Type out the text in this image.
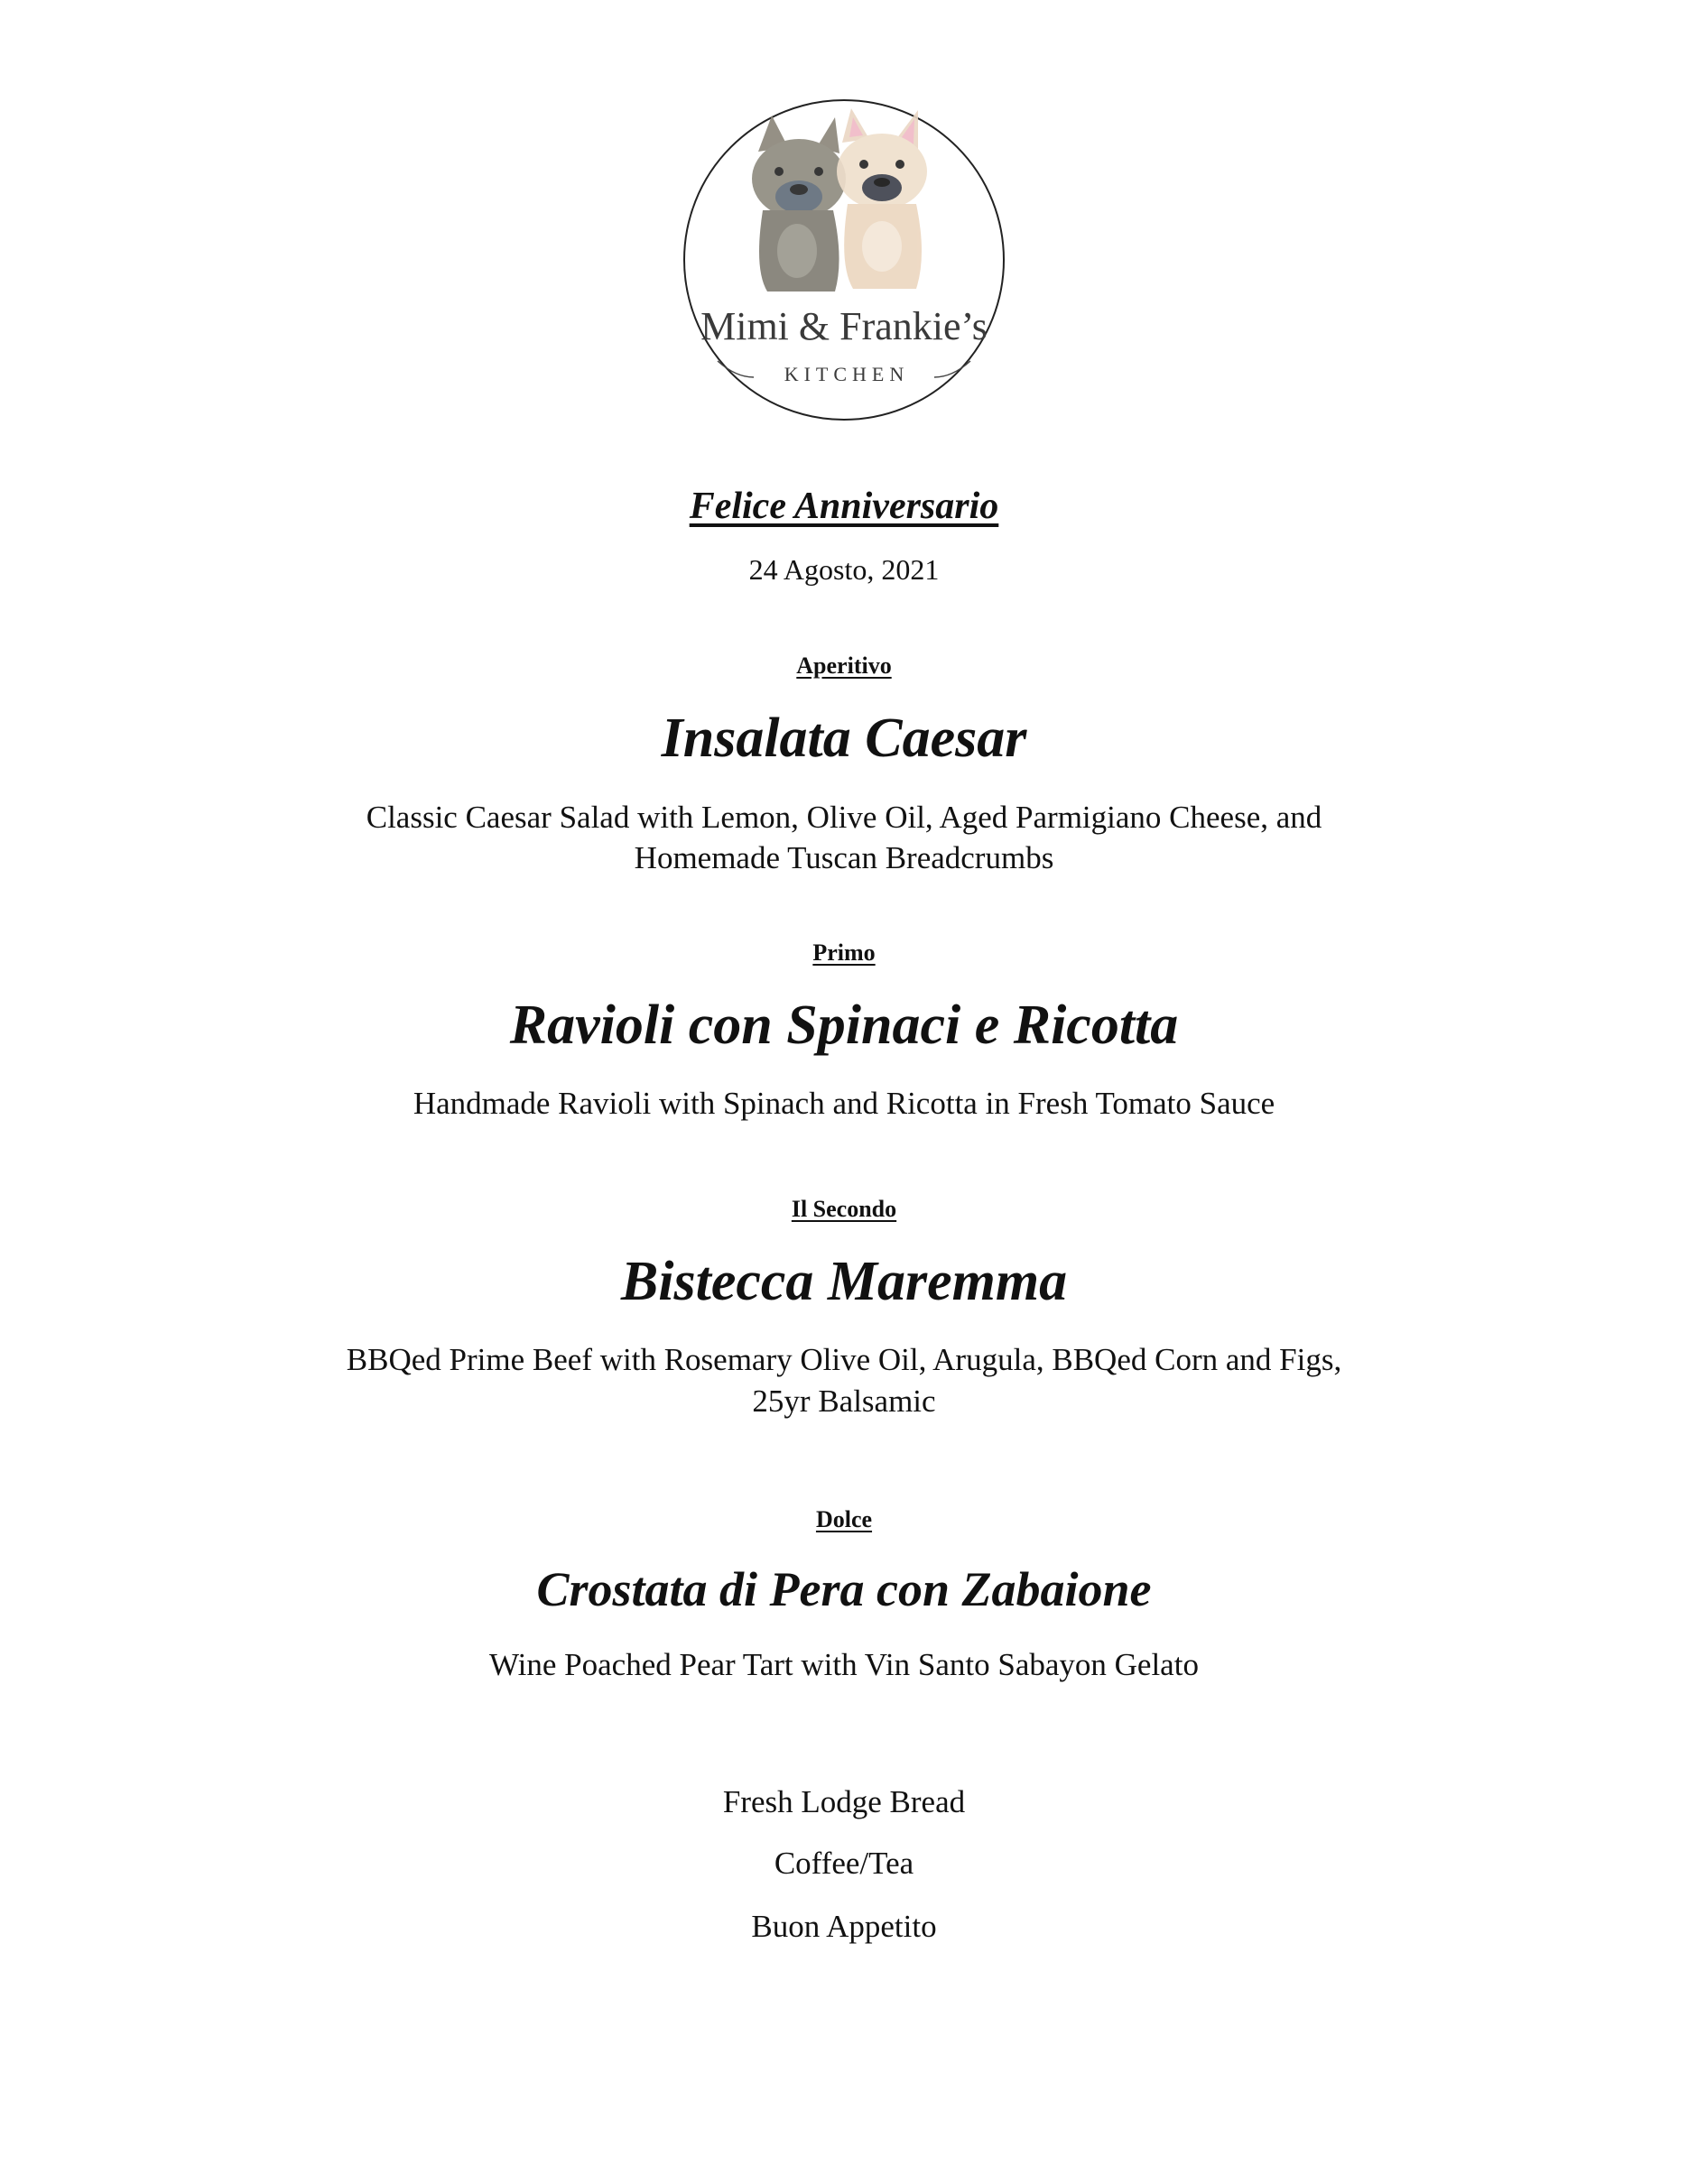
Mimi & Frankie’s
KITCHEN
Felice Anniversario
24 Agosto, 2021
Aperitivo
Insalata Caesar
Classic Caesar Salad with Lemon, Olive Oil, Aged Parmigiano Cheese, and
Homemade Tuscan Breadcrumbs
Primo
Ravioli con Spinaci e Ricotta
Handmade Ravioli with Spinach and Ricotta in Fresh Tomato Sauce
Il Secondo
Bistecca Maremma
BBQed Prime Beef with Rosemary Olive Oil, Arugula, BBQed Corn and Figs,
25yr Balsamic
Dolce
Crostata di Pera con Zabaione
Wine Poached Pear Tart with Vin Santo Sabayon Gelato
Fresh Lodge Bread
Coffee/Tea
Buon Appetito
